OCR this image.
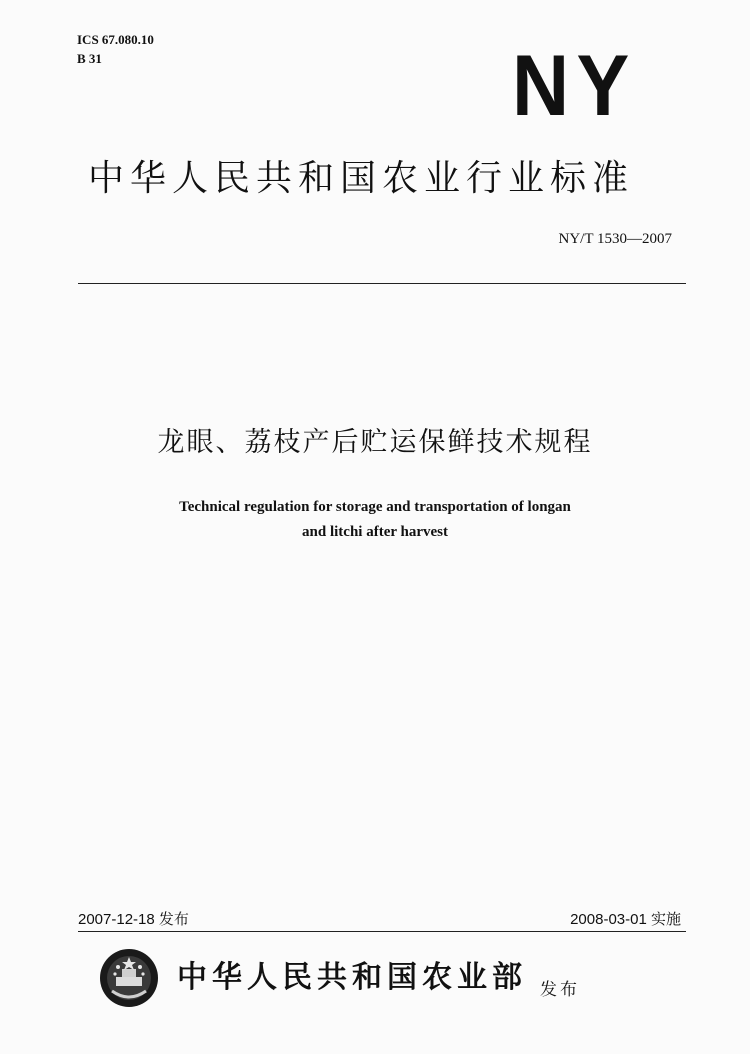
ICS 67.080.10
B 31	NY
中华人民共和国农业行业标准
NY/T 1530—2007
龙眼、荔枝产后贮运保鲜技术规程
Technical regulation for storage and transportation of longan
and litchi after harvest
2007-12-18 发布	2008-03-01 实施
中华人民共和国农业部 发布
